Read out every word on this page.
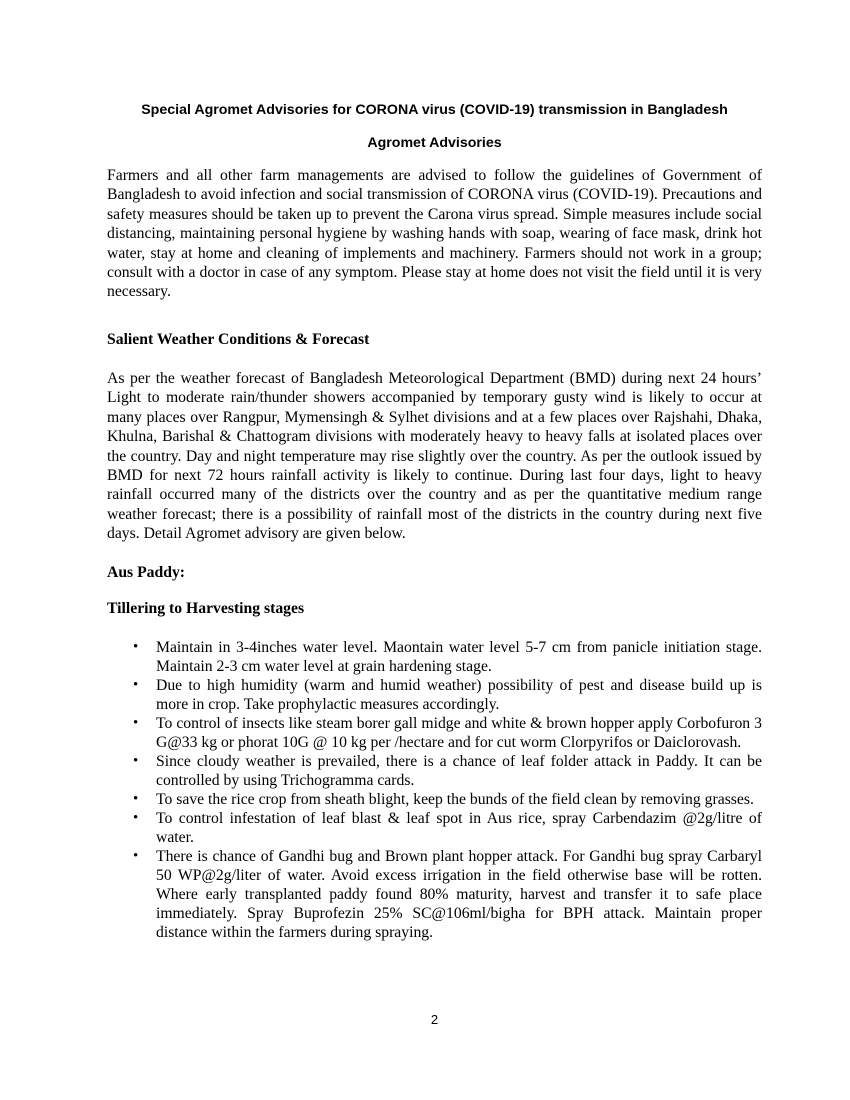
Special Agromet Advisories for CORONA virus (COVID-19) transmission in Bangladesh
Agromet Advisories

Farmers and all other farm managements are advised to follow the guidelines of Government of Bangladesh to avoid infection and social transmission of CORONA virus (COVID-19). Precautions and safety measures should be taken up to prevent the Carona virus spread. Simple measures include social distancing, maintaining personal hygiene by washing hands with soap, wearing of face mask, drink hot water, stay at home and cleaning of implements and machinery. Farmers should not work in a group; consult with a doctor in case of any symptom. Please stay at home does not visit the field until it is very necessary.

Salient Weather Conditions & Forecast

As per the weather forecast of Bangladesh Meteorological Department (BMD) during next 24 hours’ Light to moderate rain/thunder showers accompanied by temporary gusty wind is likely to occur at many places over Rangpur, Mymensingh & Sylhet divisions and at a few places over Rajshahi, Dhaka, Khulna, Barishal & Chattogram divisions with moderately heavy to heavy falls at isolated places over the country. Day and night temperature may rise slightly over the country. As per the outlook issued by BMD for next 72 hours rainfall activity is likely to continue. During last four days, light to heavy rainfall occurred many of the districts over the country and as per the quantitative medium range weather forecast; there is a possibility of rainfall most of the districts in the country during next five days. Detail Agromet advisory are given below.

Aus Paddy:

Tillering to Harvesting stages

•	Maintain in 3-4inches water level. Maontain water level 5-7 cm from panicle initiation stage. Maintain 2-3 cm water level at grain hardening stage.
•	Due to high humidity (warm and humid weather) possibility of pest and disease build up is more in crop. Take prophylactic measures accordingly.
•	To control of insects like steam borer gall midge and white & brown hopper apply Corbofuron 3 G@33 kg or phorat 10G @ 10 kg per /hectare and for cut worm Clorpyrifos or Daiclorovash.
•	Since cloudy weather is prevailed, there is a chance of leaf folder attack in Paddy. It can be controlled by using Trichogramma cards.
•	To save the rice crop from sheath blight, keep the bunds of the field clean by removing grasses.
•	To control infestation of leaf blast & leaf spot in Aus rice, spray Carbendazim @2g/litre of water.
•	There is chance of Gandhi bug and Brown plant hopper attack. For Gandhi bug spray Carbaryl 50 WP@2g/liter of water. Avoid excess irrigation in the field otherwise base will be rotten. Where early transplanted paddy found 80% maturity, harvest and transfer it to safe place immediately. Spray Buprofezin 25% SC@106ml/bigha for BPH attack. Maintain proper distance within the farmers during spraying.
2
